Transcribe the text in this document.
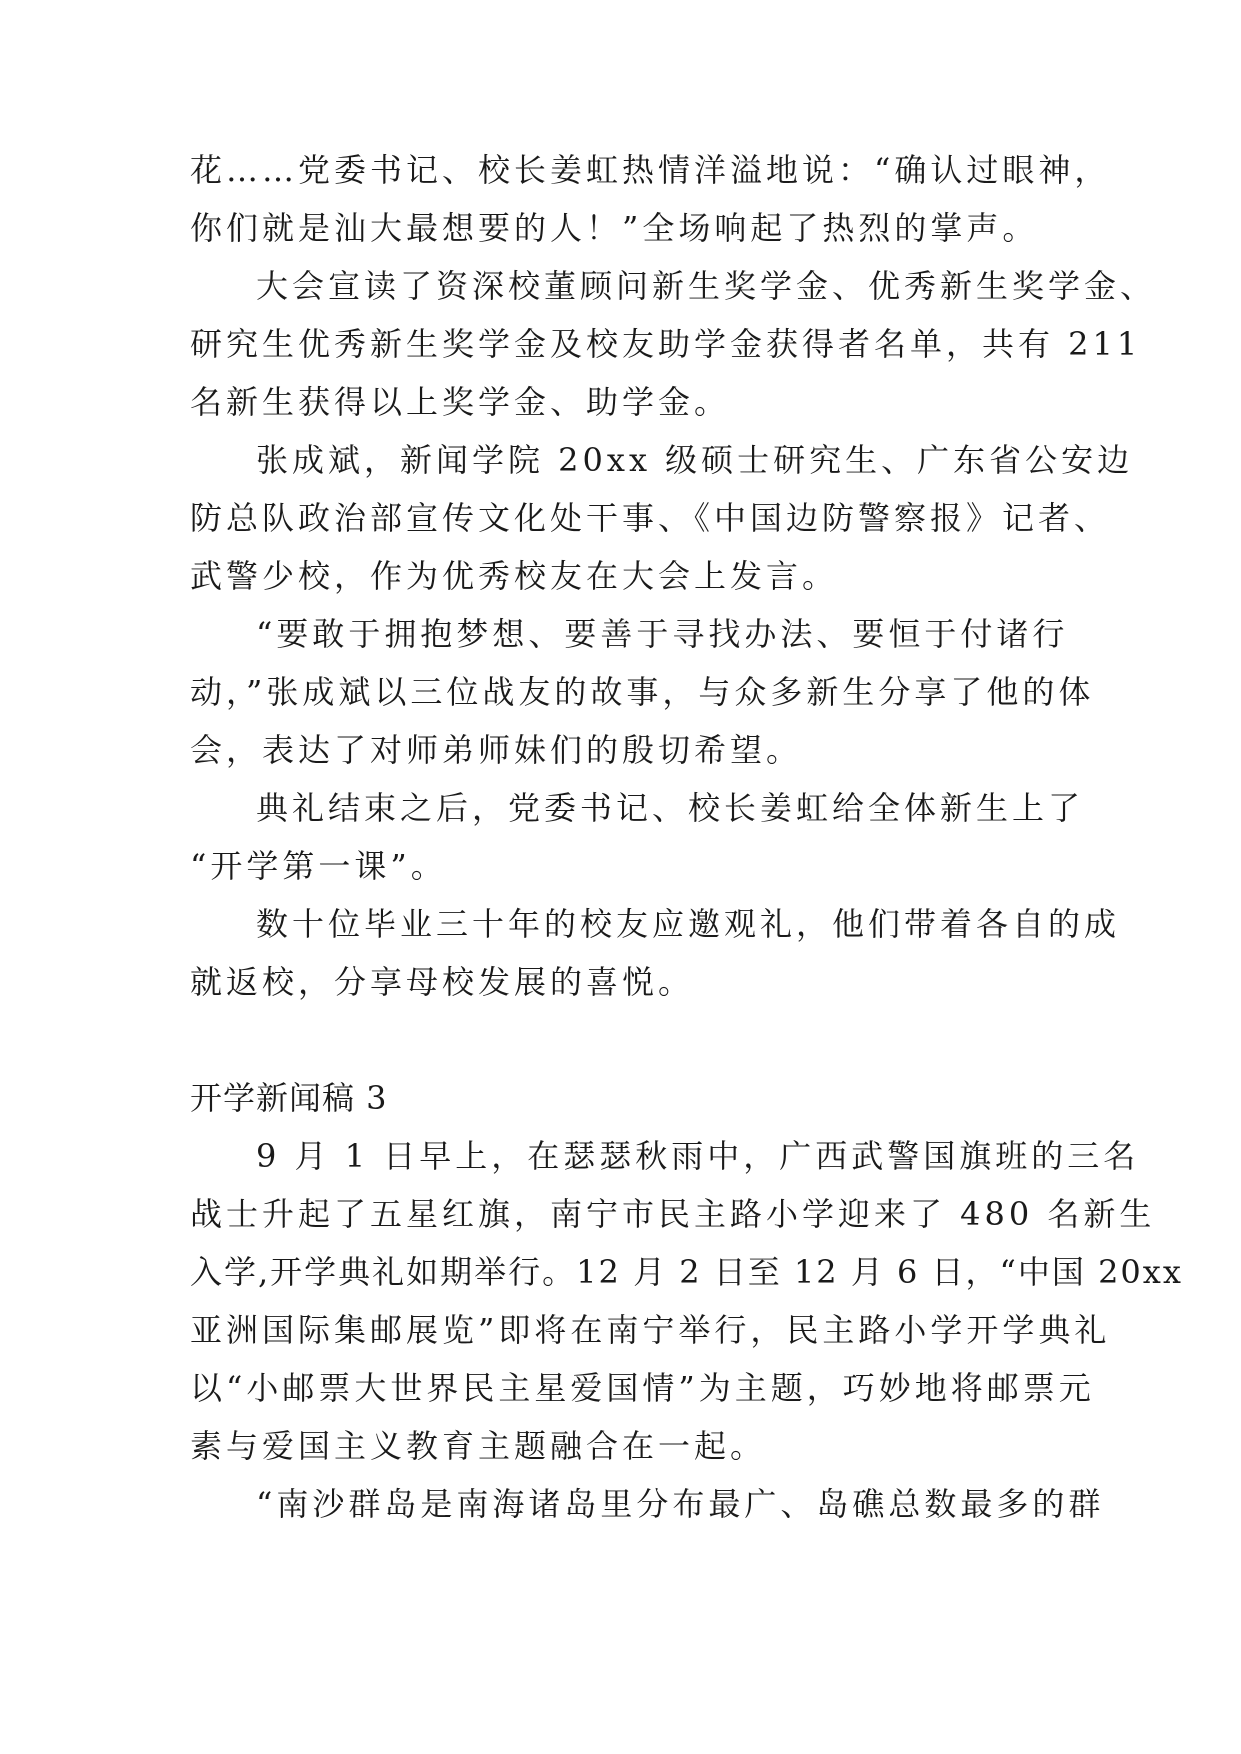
花……党委书记、校长姜虹热情洋溢地说：“确认过眼神，
你们就是汕大最想要的人！”全场响起了热烈的掌声。
大会宣读了资深校董顾问新生奖学金、优秀新生奖学金、
研究生优秀新生奖学金及校友助学金获得者名单，共有 211
名新生获得以上奖学金、助学金。
张成斌，新闻学院 20xx 级硕士研究生、广东省公安边
防总队政治部宣传文化处干事、《中国边防警察报》记者、
武警少校，作为优秀校友在大会上发言。
“要敢于拥抱梦想、要善于寻找办法、要恒于付诸行
动，”张成斌以三位战友的故事，与众多新生分享了他的体
会，表达了对师弟师妹们的殷切希望。
典礼结束之后，党委书记、校长姜虹给全体新生上了
“开学第一课”。
数十位毕业三十年的校友应邀观礼，他们带着各自的成
就返校，分享母校发展的喜悦。
开学新闻稿 3
9 月 1 日早上，在瑟瑟秋雨中，广西武警国旗班的三名
战士升起了五星红旗，南宁市民主路小学迎来了 480 名新生
入学,开学典礼如期举行。12 月 2 日至 12 月 6 日，“中国 20xx
亚洲国际集邮展览”即将在南宁举行，民主路小学开学典礼
以“小邮票大世界民主星爱国情”为主题，巧妙地将邮票元
素与爱国主义教育主题融合在一起。
“南沙群岛是南海诸岛里分布最广、岛礁总数最多的群
